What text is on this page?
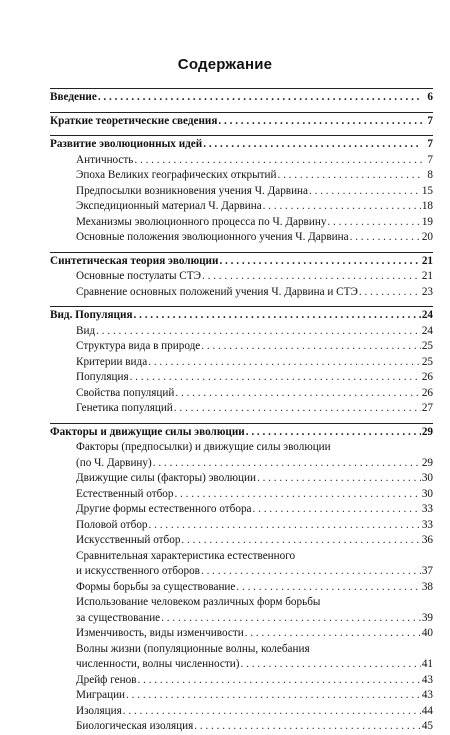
Содержание
Введение . . .	6
Краткие теоретические сведения . . .	7
Развитие эволюционных идей . . .	7
Античность . . .	7
Эпоха Великих географических открытий . . .	8
Предпосылки возникновения учения Ч. Дарвина . . .	15
Экспедиционный материал Ч. Дарвина . . .	18
Механизмы эволюционного процесса по Ч. Дарвину . . .	19
Основные положения эволюционного учения Ч. Дарвина . . .	20
Синтетическая теория эволюции . . .	21
Основные постулаты СТЭ . . .	21
Сравнение основных положений учения Ч. Дарвина и СТЭ . . .	23
Вид. Популяция . . .	24
Вид . . .	24
Структура вида в природе . . .	25
Критерии вида . . .	25
Популяция . . .	26
Свойства популяций . . .	26
Генетика популяций . . .	27
Факторы и движущие силы эволюции . . .	29
Факторы (предпосылки) и движущие силы эволюции
(по Ч. Дарвину) . . .	29
Движущие силы (факторы) эволюции . . .	30
Естественный отбор . . .	30
Другие формы естественного отбора . . .	33
Половой отбор . . .	33
Искусственный отбор . . .	36
Сравнительная характеристика естественного
и искусственного отборов . . .	37
Формы борьбы за существование . . .	38
Использование человеком различных форм борьбы
за существование . . .	39
Изменчивость, виды изменчивости . . .	40
Волны жизни (популяционные волны, колебания
численности, волны численности) . . .	41
Дрейф генов . . .	43
Миграции . . .	43
Изоляция . . .	44
Биологическая изоляция . . .	45
